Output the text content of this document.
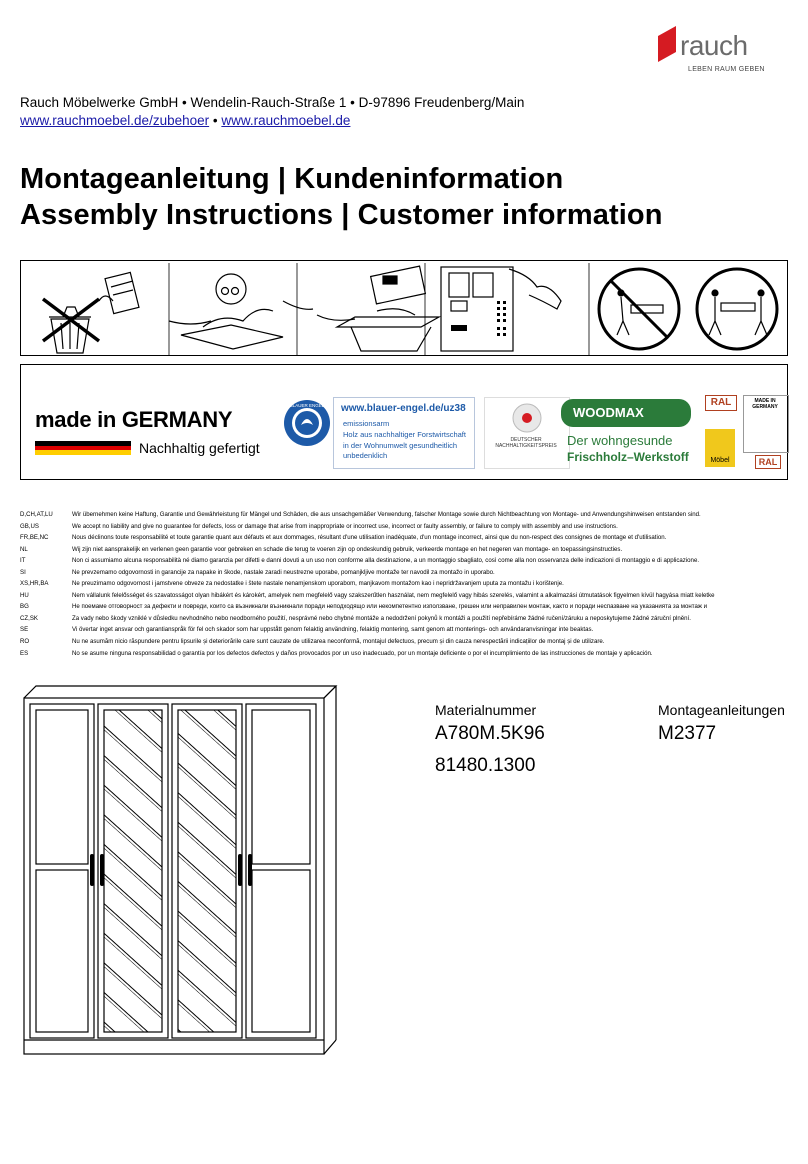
rauch
LEBEN RAUM GEBEN
Rauch Möbelwerke GmbH • Wendelin-Rauch-Straße 1 • D-97896 Freudenberg/Main
www.rauchmoebel.de/zubehoer • www.rauchmoebel.de
Montageanleitung | Kundeninformation
Assembly Instructions | Customer information
made in GERMANY
Nachhaltig gefertigt
BLAUER ENGEL www.blauer-engel.de/uz38
emissionsarm
Holz aus nachhaltiger Forstwirtschaft
in der Wohnumwelt gesundheitlich unbedenklich
DEUTSCHER NACHHALTIGKEITSPREIS
WOODMAX
Der wohngesunde
Frischholz–Werkstoff
RAL
Möbel
MADE IN GERMANY
RAL
D,CH,AT,LU	Wir übernehmen keine Haftung, Garantie und Gewährleistung für Mängel und Schäden, die aus unsachgemäßer Verwendung, falscher Montage sowie durch Nichtbeachtung von Montage- und Anwendungshinweisen entstanden sind.
GB,US	We accept no liability and give no guarantee for defects, loss or damage that arise from inappropriate or incorrect use, incorrect or faulty assembly, or failure to comply with assembly and use instructions.
FR,BE,NC	Nous déclinons toute responsabilité et toute garantie quant aux défauts et aux dommages, résultant d'une utilisation inadéquate, d'un montage incorrect, ainsi que du non-respect des consignes de montage et d'utilisation.
NL	Wij zijn niet aansprakelijk en verlenen geen garantie voor gebreken en schade die terug te voeren zijn op ondeskundig gebruik, verkeerde montage en het negeren van montage- en toepassingsinstructies.
IT	Non ci assumiamo alcuna responsabilità né diamo garanzia per difetti e danni dovuti a un uso non conforme alla destinazione, a un montaggio sbagliato, così come alla non osservanza delle indicazioni di montaggio e di applicazione.
SI	Ne prevzemamo odgovornosti in garancije za napake in škode, nastale zaradi neustrezne uporabe, pomanjkljive montaže ter navodil za montažo in uporabo.
XS,HR,BA	Ne preuzimamo odgovornost i jamstvene obveze za nedostatke i štete nastale nenamjenskom uporabom, manjkavom montažom kao i nepridržavanjem uputa za montažu i korištenje.
HU	Nem vállalunk felelősséget és szavatosságot olyan hibákért és károkért, amelyek nem megfelelő vagy szakszerűtlen használat, nem megfelelő vagy hibás szerelés, valamint a alkalmazási útmutatások figyelmen kívül hagyása miatt keletke
BG	Не поемаме отговорност за дефекти и повреди, които са възникнали възникнали поради неподходящо или некомпетентно използване, грешен или неправилен монтаж, както и поради неспазване на указанията за монтаж и
CZ,SK	Za vady nebo škody vzniklé v důsledku nevhodného nebo neodborného použití, nesprávné nebo chybné montáže a nedodržení pokynů k montáži a použití nepřebíráme žádné ručení/záruku a neposkytujeme žádné záruční plnění.
SE	Vi övertar inget ansvar och garantianspråk för fel och skador som har uppstått genom felaktig användning, felaktig montering, samt genom att monterings- och användaranvisningar inte beaktas.
RO	Nu ne asumăm nicio răspundere pentru lipsurile și deteriorările care sunt cauzate de utilizarea neconformă, montajul defectuos, precum și din cauza nerespectării indicațiilor de montaj și de utilizare.
ES	No se asume ninguna responsabilidad o garantía por los defectos defectos y daños provocados por un uso inadecuado, por un montaje deficiente o por el incumplimiento de las instrucciones de montaje y aplicación.
Materialnummer
A780M.5K96
81480.1300
Montageanleitungen
M2377
